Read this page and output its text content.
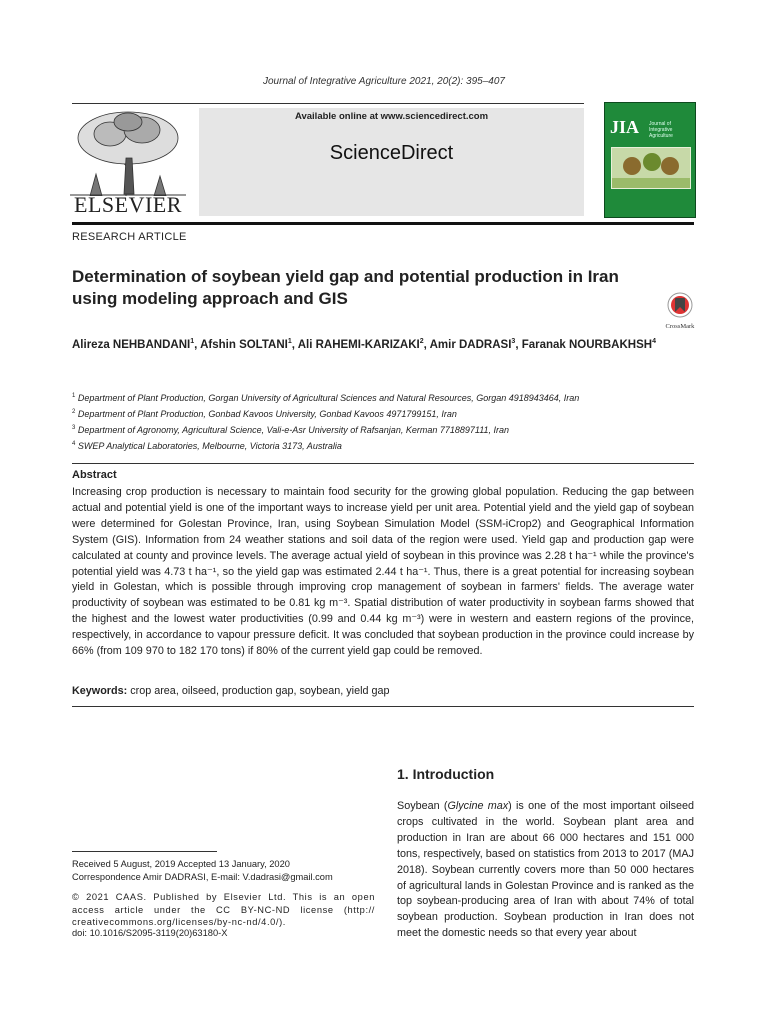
Journal of Integrative Agriculture 2021, 20(2): 395–407
ELSEVIER
Available online at www.sciencedirect.com
ScienceDirect
JIA Journal of Integrative Agriculture
RESEARCH ARTICLE
Determination of soybean yield gap and potential production in Iran
using modeling approach and GIS
CrossMark
Alireza NEHBANDANI$^1$, Afshin SOLTANI$^1$, Ali RAHEMI-KARIZAKI$^2$, Amir DADRASI$^3$, Faranak NOURBAKHSH$^4$
$^1$ Department of Plant Production, Gorgan University of Agricultural Sciences and Natural Resources, Gorgan 4918943464, Iran
$^2$ Department of Plant Production, Gonbad Kavoos University, Gonbad Kavoos 4971799151, Iran
$^3$ Department of Agronomy, Agricultural Science, Vali-e-Asr University of Rafsanjan, Kerman 7718897111, Iran
$^4$ SWEP Analytical Laboratories, Melbourne, Victoria 3173, Australia
Abstract
Increasing crop production is necessary to maintain food security for the growing global population. Reducing the gap between actual and potential yield is one of the important ways to increase yield per unit area. Potential yield and the yield gap of soybean were determined for Golestan Province, Iran, using Soybean Simulation Model (SSM-iCrop2) and Geographical Information System (GIS). Information from 24 weather stations and soil data of the region were used. Yield gap and production gap were calculated at county and province levels. The average actual yield of soybean in this province was 2.28 t ha⁻¹ while the province's potential yield was 4.73 t ha⁻¹, so the yield gap was estimated 2.44 t ha⁻¹. Thus, there is a great potential for increasing soybean yield in Golestan, which is possible through improving crop management of soybean in farmers' fields. The average water productivity of soybean was estimated to be 0.81 kg m⁻³. Spatial distribution of water productivity in soybean farms showed that the highest and the lowest water productivities (0.99 and 0.44 kg m⁻³) were in western and eastern regions of the province, respectively, in accordance to vapour pressure deficit. It was concluded that soybean production in the province could increase by 66% (from 109 970 to 182 170 tons) if 80% of the current yield gap could be removed.
Keywords: crop area, oilseed, production gap, soybean, yield gap
1. Introduction
Soybean (Glycine max) is one of the most important oilseed crops cultivated in the world. Soybean plant area and production in Iran are about 66 000 hectares and 151 000 tons, respectively, based on statistics from 2013 to 2017 (MAJ 2018). Soybean currently covers more than 50 000 hectares of agricultural lands in Golestan Province and is ranked as the top soybean-producing area of Iran with about 74% of total soybean production. Soybean production in Iran does not meet the domestic needs so that every year about
Received 5 August, 2019 Accepted 13 January, 2020
Correspondence Amir DADRASI, E-mail: V.dadrasi@gmail.com
© 2021 CAAS. Published by Elsevier Ltd. This is an open access article under the CC BY-NC-ND license (http:// creativecommons.org/licenses/by-nc-nd/4.0/).
doi: 10.1016/S2095-3119(20)63180-X
